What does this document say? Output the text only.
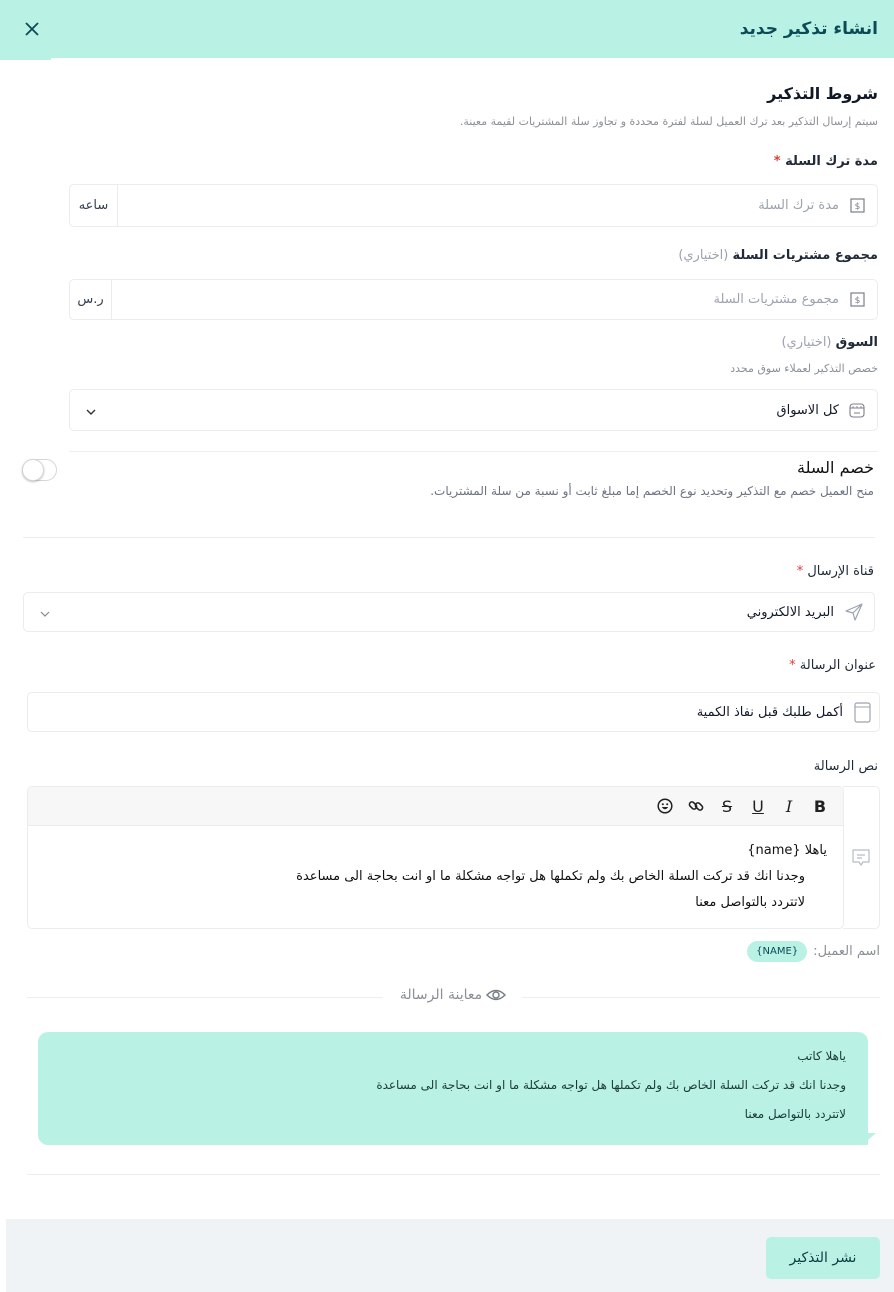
انشاء تذكير جديد
شروط التذكير
سيتم إرسال التذكير بعد ترك العميل لسلة لفترة محددة و تجاوز سلة المشتريات لقيمة معينة.
مدة ترك السلة *
$
مدة ترك السلة
ساعه
مجموع مشتريات السلة (اختياري)
$
مجموع مشتريات السلة
ر.س
السوق (اختياري)
خصص التذكير لعملاء سوق محدد
كل الاسواق
خصم السلة
منح العميل خصم مع التذكير وتحديد نوع الخصم إما مبلغ ثابت أو نسبة من سلة المشتريات.
قناة الإرسال *
البريد الالكتروني
عنوان الرسالة *
أكمل طلبك قبل نفاذ الكمية
نص الرسالة
B
I
U
S
ياهلا {name}
وجدنا انك قد تركت السلة الخاص بك ولم تكملها هل تواجه مشكلة ما او انت بحاجة الى مساعدة
لاتتردد بالتواصل معنا
اسم العميل:
{NAME}
معاينة الرسالة
ياهلا كاتب
وجدنا انك قد تركت السلة الخاص بك ولم تكملها هل تواجه مشكلة ما او انت بحاجة الى مساعدة
لاتتردد بالتواصل معنا
نشر التذكير
